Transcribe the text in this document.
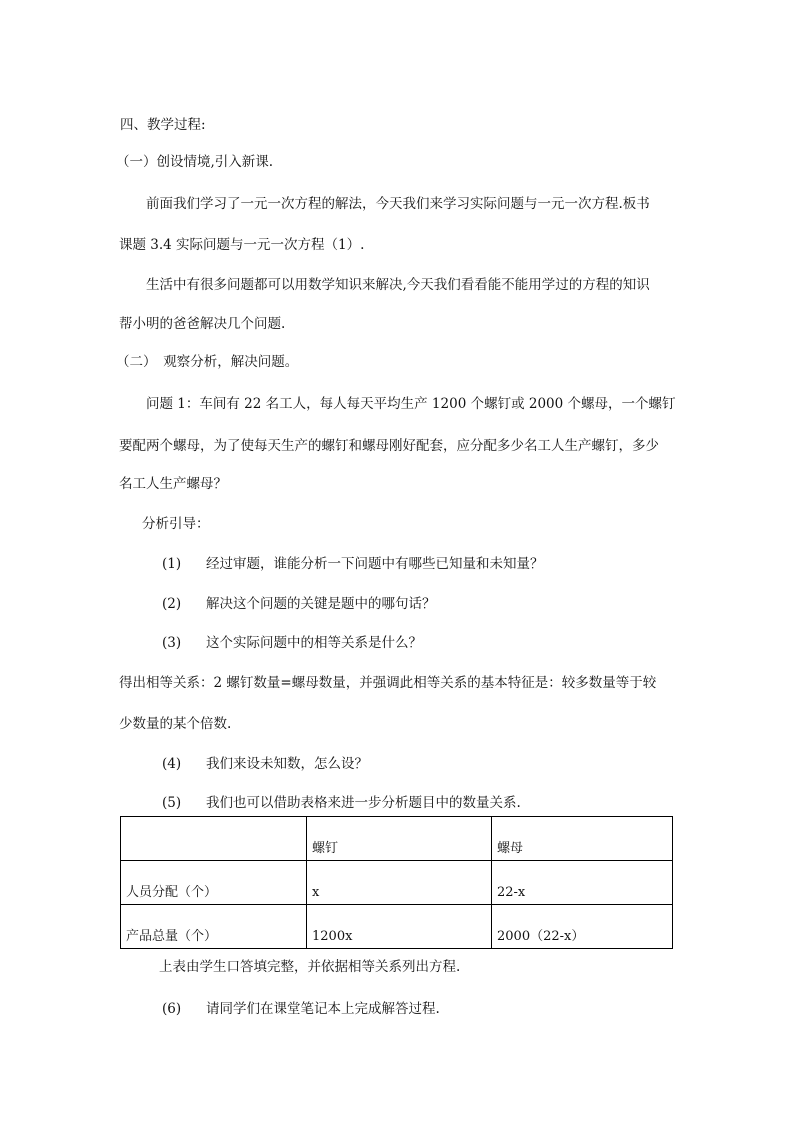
四、教学过程:
（一）创设情境,引入新课.
前面我们学习了一元一次方程的解法，今天我们来学习实际问题与一元一次方程.板书
课题 3.4 实际问题与一元一次方程（1）.
生活中有很多问题都可以用数学知识来解决,今天我们看看能不能用学过的方程的知识
帮小明的爸爸解决几个问题.
（二）　观察分析，解决问题。
问题 1：车间有 22 名工人，每人每天平均生产 1200 个螺钉或 2000 个螺母，一个螺钉
要配两个螺母，为了使每天生产的螺钉和螺母刚好配套，应分配多少名工人生产螺钉，多少
名工人生产螺母？
分析引导：
(1) 经过审题，谁能分析一下问题中有哪些已知量和未知量？
(2) 解决这个问题的关键是题中的哪句话？
(3) 这个实际问题中的相等关系是什么？
得出相等关系：2 螺钉数量=螺母数量，并强调此相等关系的基本特征是：较多数量等于较
少数量的某个倍数.
(4) 我们来设未知数，怎么设？
(5) 我们也可以借助表格来进一步分析题目中的数量关系.
	螺钉	螺母
人员分配（个）	x	22-x
产品总量（个）	1200x	2000（22-x）
上表由学生口答填完整，并依据相等关系列出方程.
(6) 请同学们在课堂笔记本上完成解答过程.
